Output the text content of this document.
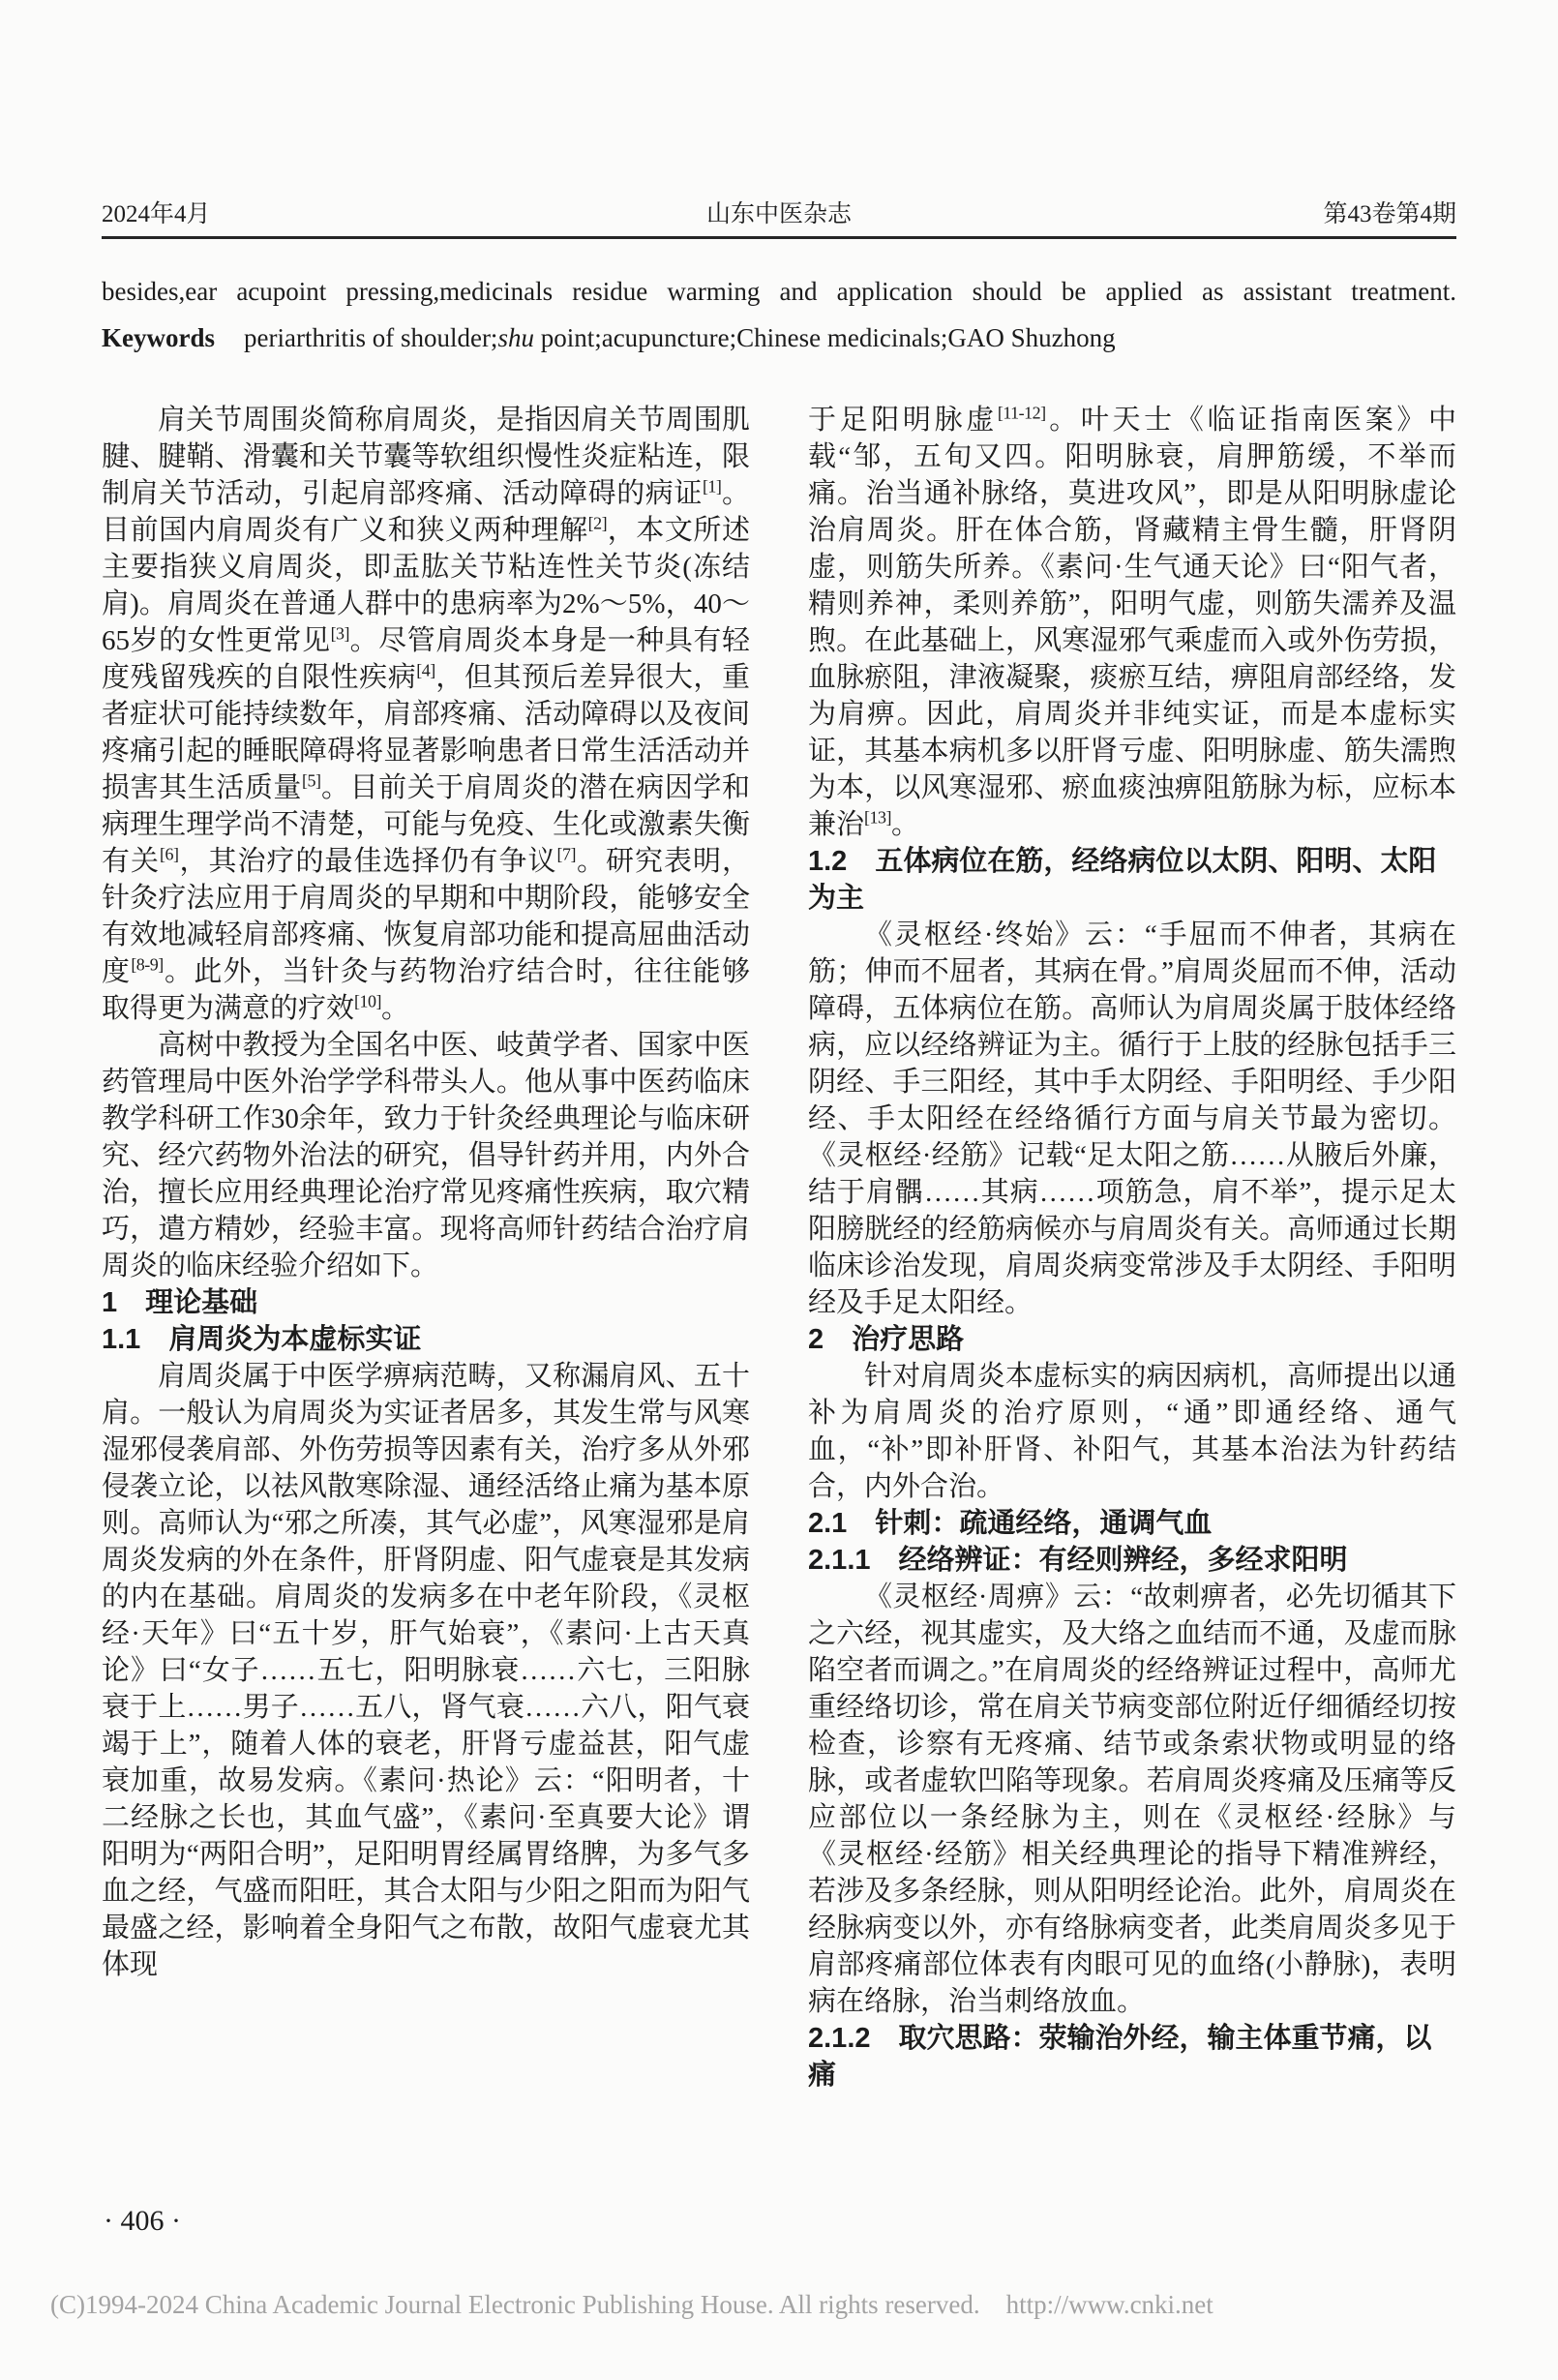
2024年4月	山东中医杂志	第43卷第4期
besides,ear acupoint pressing,medicinals residue warming and application should be applied as assistant treatment.
Keywords periarthritis of shoulder;shu point;acupuncture;Chinese medicinals;GAO Shuzhong

肩关节周围炎简称肩周炎，是指因肩关节周围肌腱、腱鞘、滑囊和关节囊等软组织慢性炎症粘连，限制肩关节活动，引起肩部疼痛、活动障碍的病证[1]。目前国内肩周炎有广义和狭义两种理解[2]，本文所述主要指狭义肩周炎，即盂肱关节粘连性关节炎(冻结肩)。肩周炎在普通人群中的患病率为2%～5%，40～65岁的女性更常见[3]。尽管肩周炎本身是一种具有轻度残留残疾的自限性疾病[4]，但其预后差异很大，重者症状可能持续数年，肩部疼痛、活动障碍以及夜间疼痛引起的睡眠障碍将显著影响患者日常生活活动并损害其生活质量[5]。目前关于肩周炎的潜在病因学和病理生理学尚不清楚，可能与免疫、生化或激素失衡有关[6]，其治疗的最佳选择仍有争议[7]。研究表明，针灸疗法应用于肩周炎的早期和中期阶段，能够安全有效地减轻肩部疼痛、恢复肩部功能和提高屈曲活动度[8-9]。此外，当针灸与药物治疗结合时，往往能够取得更为满意的疗效[10]。

高树中教授为全国名中医、岐黄学者、国家中医药管理局中医外治学学科带头人。他从事中医药临床教学科研工作30余年，致力于针灸经典理论与临床研究、经穴药物外治法的研究，倡导针药并用，内外合治，擅长应用经典理论治疗常见疼痛性疾病，取穴精巧，遣方精妙，经验丰富。现将高师针药结合治疗肩周炎的临床经验介绍如下。

1　理论基础
1.1　肩周炎为本虚标实证

肩周炎属于中医学痹病范畴，又称漏肩风、五十肩。一般认为肩周炎为实证者居多，其发生常与风寒湿邪侵袭肩部、外伤劳损等因素有关，治疗多从外邪侵袭立论，以祛风散寒除湿、通经活络止痛为基本原则。高师认为“邪之所凑，其气必虚”，风寒湿邪是肩周炎发病的外在条件，肝肾阴虚、阳气虚衰是其发病的内在基础。肩周炎的发病多在中老年阶段，《灵枢经·天年》曰“五十岁，肝气始衰”，《素问·上古天真论》曰“女子……五七，阳明脉衰……六七，三阳脉衰于上……男子……五八，肾气衰……六八，阳气衰竭于上”，随着人体的衰老，肝肾亏虚益甚，阳气虚衰加重，故易发病。《素问·热论》云：“阳明者，十二经脉之长也，其血气盛”，《素问·至真要大论》谓阳明为“两阳合明”，足阳明胃经属胃络脾，为多气多血之经，气盛而阳旺，其合太阳与少阳之阳而为阳气最盛之经，影响着全身阳气之布散，故阳气虚衰尤其体现

于足阳明脉虚[11-12]。叶天士《临证指南医案》中载“邹，五旬又四。阳明脉衰，肩胛筋缓，不举而痛。治当通补脉络，莫进攻风”，即是从阳明脉虚论治肩周炎。肝在体合筋，肾藏精主骨生髓，肝肾阴虚，则筋失所养。《素问·生气通天论》曰“阳气者，精则养神，柔则养筋”，阳明气虚，则筋失濡养及温煦。在此基础上，风寒湿邪气乘虚而入或外伤劳损，血脉瘀阻，津液凝聚，痰瘀互结，痹阻肩部经络，发为肩痹。因此，肩周炎并非纯实证，而是本虚标实证，其基本病机多以肝肾亏虚、阳明脉虚、筋失濡煦为本，以风寒湿邪、瘀血痰浊痹阻筋脉为标，应标本兼治[13]。

1.2　五体病位在筋，经络病位以太阴、阳明、太阳为主

《灵枢经·终始》云：“手屈而不伸者，其病在筋；伸而不屈者，其病在骨。”肩周炎屈而不伸，活动障碍，五体病位在筋。高师认为肩周炎属于肢体经络病，应以经络辨证为主。循行于上肢的经脉包括手三阴经、手三阳经，其中手太阴经、手阳明经、手少阳经、手太阳经在经络循行方面与肩关节最为密切。《灵枢经·经筋》记载“足太阳之筋……从腋后外廉，结于肩髃……其病……项筋急，肩不举”，提示足太阳膀胱经的经筋病候亦与肩周炎有关。高师通过长期临床诊治发现，肩周炎病变常涉及手太阴经、手阳明经及手足太阳经。

2　治疗思路

针对肩周炎本虚标实的病因病机，高师提出以通补为肩周炎的治疗原则，“通”即通经络、通气血，“补”即补肝肾、补阳气，其基本治法为针药结合，内外合治。

2.1　针刺：疏通经络，通调气血
2.1.1　经络辨证：有经则辨经，多经求阳明

《灵枢经·周痹》云：“故刺痹者，必先切循其下之六经，视其虚实，及大络之血结而不通，及虚而脉陷空者而调之。”在肩周炎的经络辨证过程中，高师尤重经络切诊，常在肩关节病变部位附近仔细循经切按检查，诊察有无疼痛、结节或条索状物或明显的络脉，或者虚软凹陷等现象。若肩周炎疼痛及压痛等反应部位以一条经脉为主，则在《灵枢经·经脉》与《灵枢经·经筋》相关经典理论的指导下精准辨经，若涉及多条经脉，则从阳明经论治。此外，肩周炎在经脉病变以外，亦有络脉病变者，此类肩周炎多见于肩部疼痛部位体表有肉眼可见的血络(小静脉)，表明病在络脉，治当刺络放血。

2.1.2　取穴思路：荥输治外经，输主体重节痛，以痛
· 406 ·
(C)1994-2024 China Academic Journal Electronic Publishing House. All rights reserved.    http://www.cnki.net
